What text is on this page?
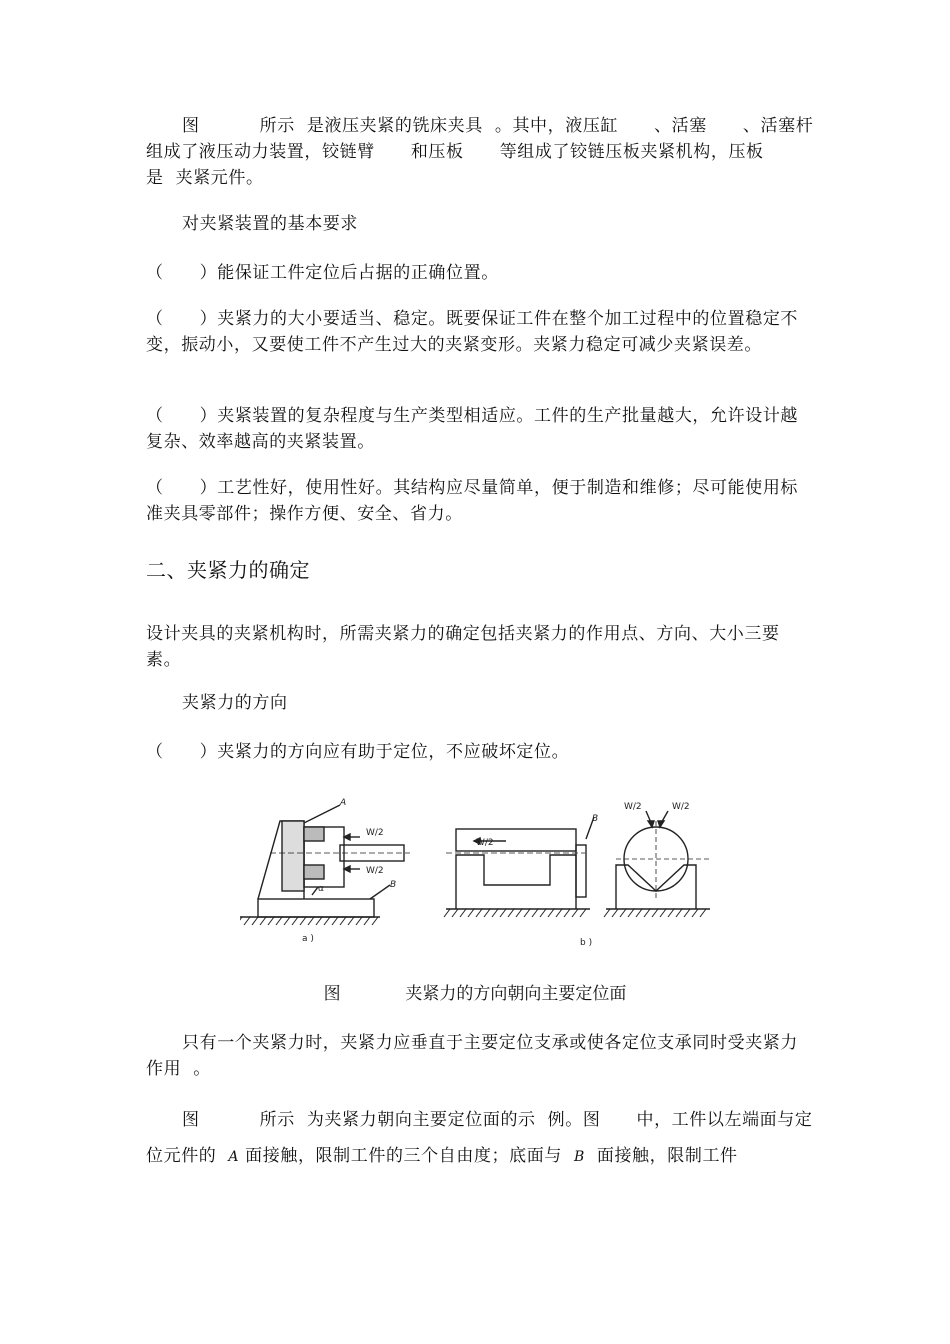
图          所示  是液压夹紧的铣床夹具  。其中，液压缸      、活塞      、活塞杆      组成了液压动力装置，铰链臂      和压板      等组成了铰链压板夹紧机构，压板      是  夹紧元件。

对夹紧装置的基本要求

（      ）能保证工件定位后占据的正确位置。

（      ）夹紧力的大小要适当、稳定。既要保证工件在整个加工过程中的位置稳定不变，振动小，又要使工件不产生过大的夹紧变形。夹紧力稳定可减少夹紧误差。

（      ）夹紧装置的复杂程度与生产类型相适应。工件的生产批量越大，允许设计越复杂、效率越高的夹紧装置。

（      ）工艺性好，使用性好。其结构应尽量简单，便于制造和维修；尽可能使用标准夹具零部件；操作方便、安全、省力。

二、夹紧力的确定

设计夹具的夹紧机构时，所需夹紧力的确定包括夹紧力的作用点、方向、大小三要素。

夹紧力的方向

（      ）夹紧力的方向应有助于定位，不应破坏定位。

A
W/2
W/2
α	B
a )
W/2
B
b )
W/2	W/2

图            夹紧力的方向朝向主要定位面

只有一个夹紧力时，夹紧力应垂直于主要定位支承或使各定位支承同时受夹紧力作用  。

图          所示  为夹紧力朝向主要定位面的示  例。图      中，工件以左端面与定位元件的  A 面接触，限制工件的三个自由度；底面与  B  面接触，限制工件
